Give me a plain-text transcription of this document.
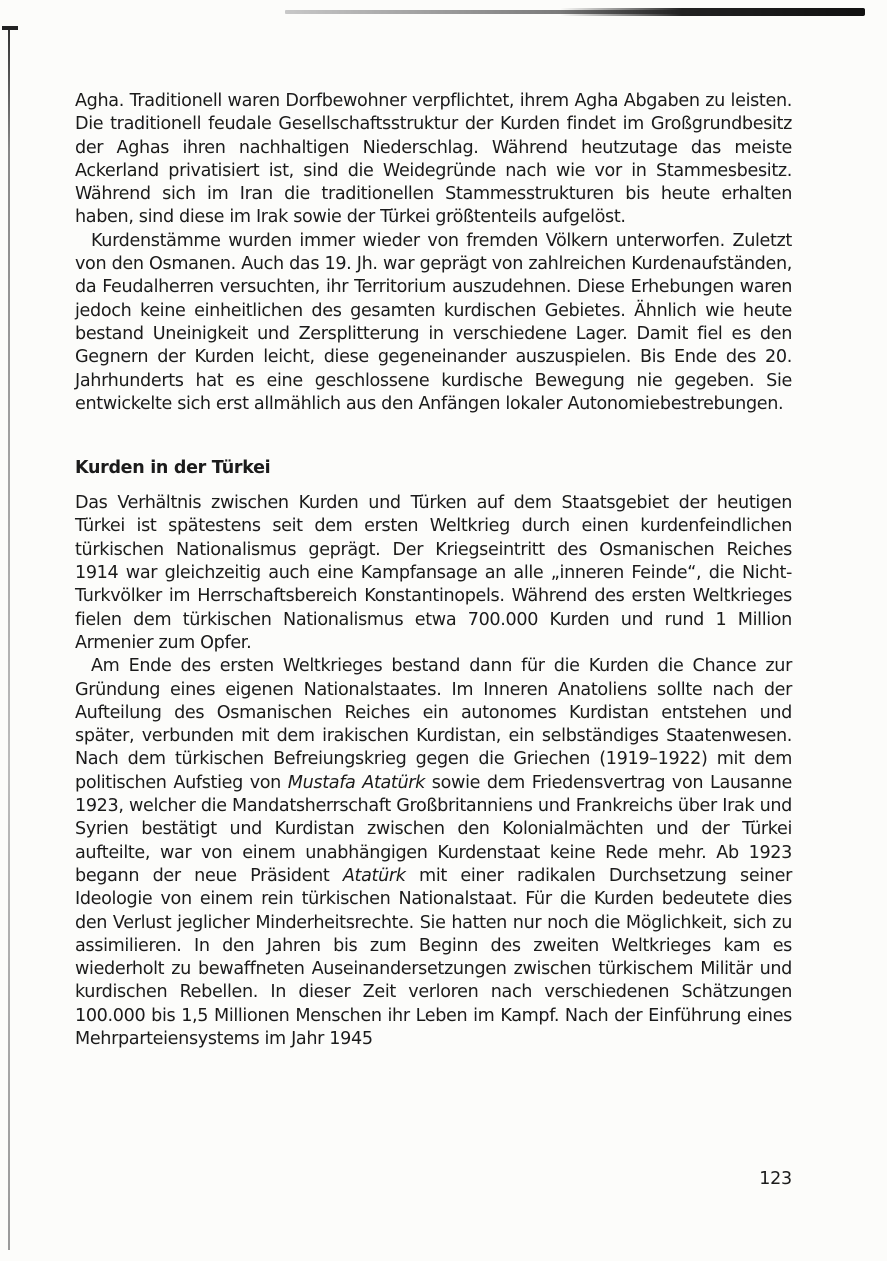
Agha. Traditionell waren Dorfbewohner verpflichtet, ihrem Agha Abgaben zu leisten. Die traditionell feudale Gesellschaftsstruktur der Kurden findet im Großgrundbesitz der Aghas ihren nachhaltigen Niederschlag. Während heutzutage das meiste Ackerland privatisiert ist, sind die Weidegründe nach wie vor in Stammesbesitz. Während sich im Iran die traditionellen Stammesstrukturen bis heute erhalten haben, sind diese im Irak sowie der Türkei größtenteils aufgelöst.

Kurdenstämme wurden immer wieder von fremden Völkern unterworfen. Zuletzt von den Osmanen. Auch das 19. Jh. war geprägt von zahlreichen Kurdenaufständen, da Feudalherren versuchten, ihr Territorium auszudehnen. Diese Erhebungen waren jedoch keine einheitlichen des gesamten kurdischen Gebietes. Ähnlich wie heute bestand Uneinigkeit und Zersplitterung in verschiedene Lager. Damit fiel es den Gegnern der Kurden leicht, diese gegeneinander auszuspielen. Bis Ende des 20. Jahrhunderts hat es eine geschlossene kurdische Bewegung nie gegeben. Sie entwickelte sich erst allmählich aus den Anfängen lokaler Autonomiebestrebungen.

Kurden in der Türkei

Das Verhältnis zwischen Kurden und Türken auf dem Staatsgebiet der heutigen Türkei ist spätestens seit dem ersten Weltkrieg durch einen kurdenfeindlichen türkischen Nationalismus geprägt. Der Kriegseintritt des Osmanischen Reiches 1914 war gleichzeitig auch eine Kampfansage an alle „inneren Feinde“, die Nicht-Turkvölker im Herrschaftsbereich Konstantinopels. Während des ersten Weltkrieges fielen dem türkischen Nationalismus etwa 700.000 Kurden und rund 1 Million Armenier zum Opfer.

Am Ende des ersten Weltkrieges bestand dann für die Kurden die Chance zur Gründung eines eigenen Nationalstaates. Im Inneren Anatoliens sollte nach der Aufteilung des Osmanischen Reiches ein autonomes Kurdistan entstehen und später, verbunden mit dem irakischen Kurdistan, ein selbständiges Staatenwesen. Nach dem türkischen Befreiungskrieg gegen die Griechen (1919–1922) mit dem politischen Aufstieg von Mustafa Atatürk sowie dem Friedensvertrag von Lausanne 1923, welcher die Mandatsherrschaft Großbritanniens und Frankreichs über Irak und Syrien bestätigt und Kurdistan zwischen den Kolonialmächten und der Türkei aufteilte, war von einem unabhängigen Kurdenstaat keine Rede mehr. Ab 1923 begann der neue Präsident Atatürk mit einer radikalen Durchsetzung seiner Ideologie von einem rein türkischen Nationalstaat. Für die Kurden bedeutete dies den Verlust jeglicher Minderheitsrechte. Sie hatten nur noch die Möglichkeit, sich zu assimilieren. In den Jahren bis zum Beginn des zweiten Weltkrieges kam es wiederholt zu bewaffneten Auseinandersetzungen zwischen türkischem Militär und kurdischen Rebellen. In dieser Zeit verloren nach verschiedenen Schätzungen 100.000 bis 1,5 Millionen Menschen ihr Leben im Kampf. Nach der Einführung eines Mehrparteiensystems im Jahr 1945

123
